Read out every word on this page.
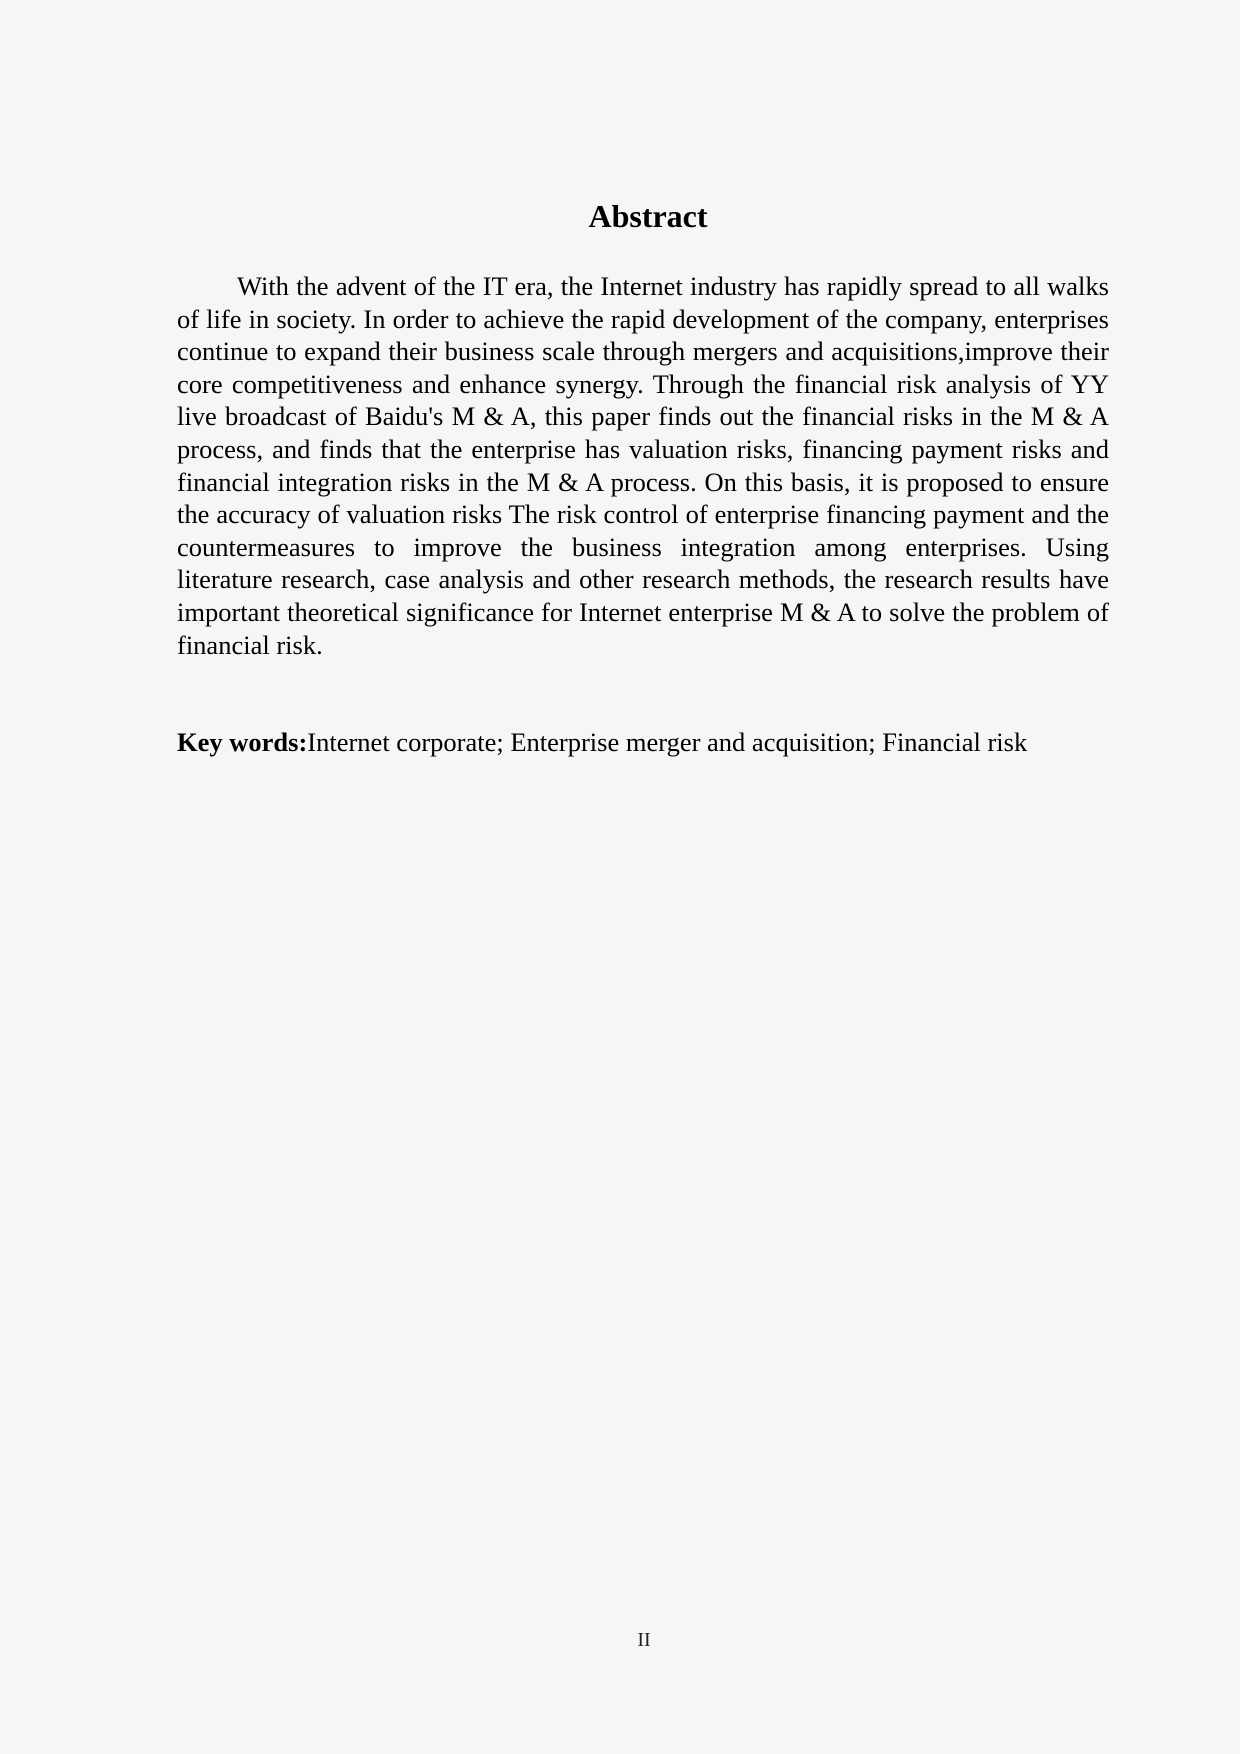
Abstract

With the advent of the IT era, the Internet industry has rapidly spread to all walks of life in society. In order to achieve the rapid development of the company, enterprises continue to expand their business scale through mergers and acquisitions,improve their core competitiveness and enhance synergy. Through the financial risk analysis of YY live broadcast of Baidu's M & A, this paper finds out the financial risks in the M & A process, and finds that the enterprise has valuation risks, financing payment risks and financial integration risks in the M & A process. On this basis, it is proposed to ensure the accuracy of valuation risks The risk control of enterprise financing payment and the countermeasures to improve the business integration among enterprises. Using literature research, case analysis and other research methods, the research results have important theoretical significance for Internet enterprise M & A to solve the problem of financial risk.

Key words:Internet corporate; Enterprise merger and acquisition; Financial risk

II
